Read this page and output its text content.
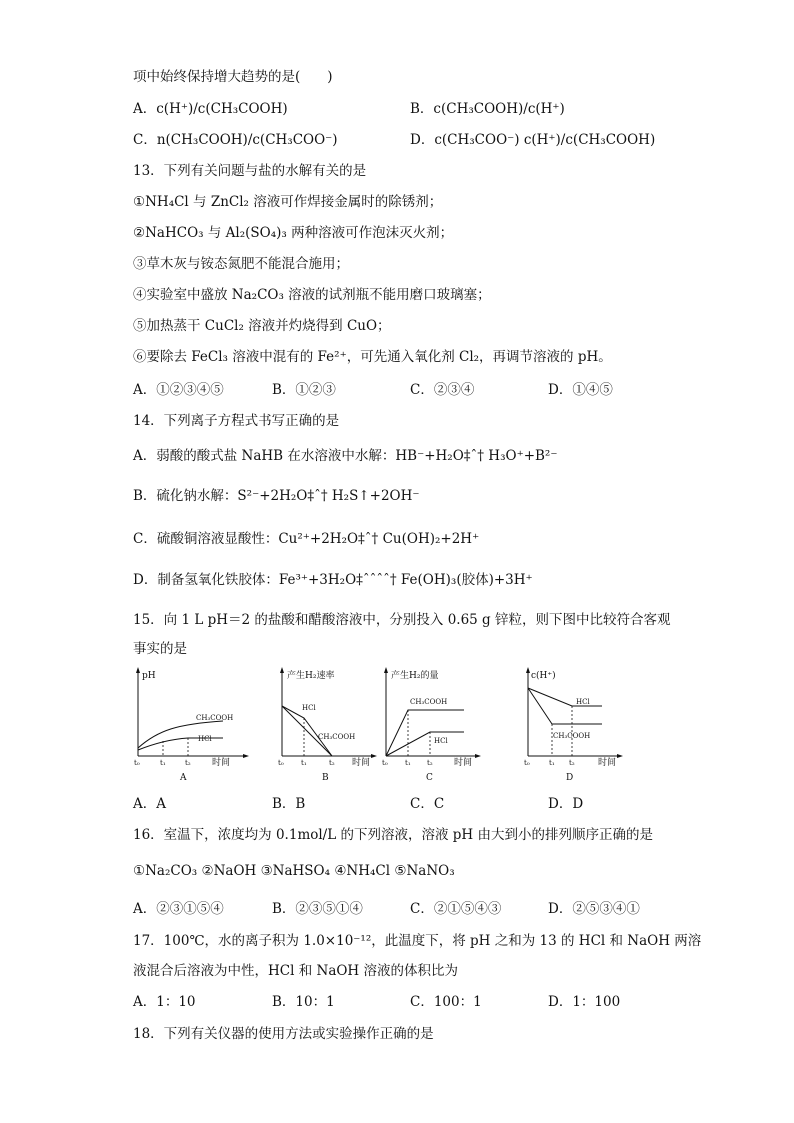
项中始终保持增大趋势的是(　　)
A．c(H⁺)/c(CH₃COOH)	B．c(CH₃COOH)/c(H⁺)
C．n(CH₃COOH)/c(CH₃COO⁻)	D．c(CH₃COO⁻) c(H⁺)/c(CH₃COOH)
13．下列有关问题与盐的水解有关的是
①NH₄Cl 与 ZnCl₂ 溶液可作焊接金属时的除锈剂；
②NaHCO₃ 与 Al₂(SO₄)₃ 两种溶液可作泡沫灭火剂；
③草木灰与铵态氮肥不能混合施用；
④实验室中盛放 Na₂CO₃ 溶液的试剂瓶不能用磨口玻璃塞；
⑤加热蒸干 CuCl₂ 溶液并灼烧得到 CuO；
⑥要除去 FeCl₃ 溶液中混有的 Fe²⁺，可先通入氧化剂 Cl₂，再调节溶液的 pH。
A．①②③④⑤	B．①②③	C．②③④	D．①④⑤
14．下列离子方程式书写正确的是
A．弱酸的酸式盐 NaHB 在水溶液中水解：HB⁻+H₂O‡ˆ† H₃O⁺+B²⁻
B．硫化钠水解：S²⁻+2H₂O‡ˆ† H₂S↑+2OH⁻
C．硫酸铜溶液显酸性：Cu²⁺+2H₂O‡ˆ† Cu(OH)₂+2H⁺
D．制备氢氧化铁胶体：Fe³⁺+3H₂O‡ˆˆˆˆ† Fe(OH)₃(胶体)+3H⁺
15．向 1 L pH＝2 的盐酸和醋酸溶液中，分别投入 0.65 g 锌粒，则下图中比较符合客观
事实的是
pH
CH₃COOH
HCl
t₀	t₁	t₂ 时间
A
产生H₂速率
HCl
CH₃COOH
t₀ t₁	t₂ 时间
B
产生H₂的量
CH₃COOH
HCl
t₀ t₁ t₂ 时间
C
c(H⁺)
HCl
CH₃COOH
t₀	t₁ t₂	时间
D
A．A	B．B	C．C	D．D
16．室温下，浓度均为 0.1mol/L 的下列溶液，溶液 pH 由大到小的排列顺序正确的是
①Na₂CO₃ ②NaOH ③NaHSO₄ ④NH₄Cl ⑤NaNO₃
A．②③①⑤④	B．②③⑤①④	C．②①⑤④③	D．②⑤③④①
17．100℃，水的离子积为 1.0×10⁻¹²，此温度下，将 pH 之和为 13 的 HCl 和 NaOH 两溶
液混合后溶液为中性，HCl 和 NaOH 溶液的体积比为
A．1：10	B．10：1	C．100：1	D．1：100
18．下列有关仪器的使用方法或实验操作正确的是
